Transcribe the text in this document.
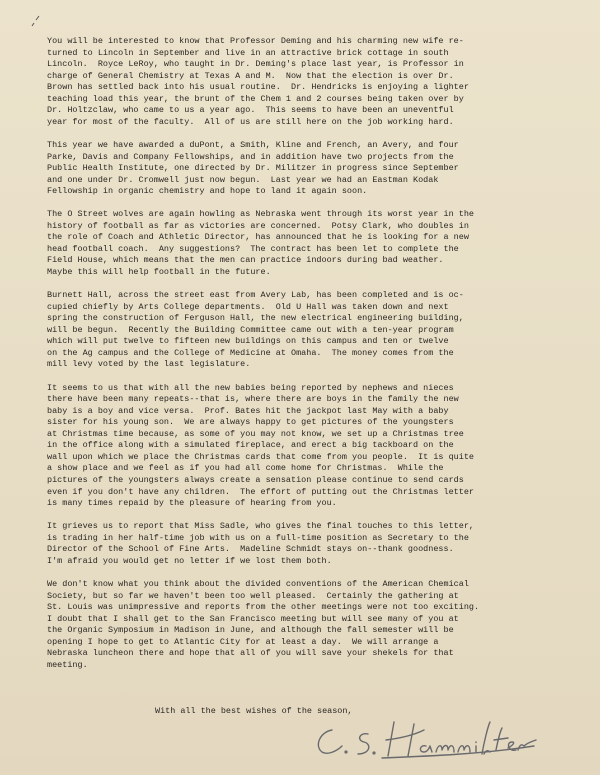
You will be interested to know that Professor Deming and his charming new wife re-
turned to Lincoln in September and live in an attractive brick cottage in south
Lincoln.  Royce LeRoy, who taught in Dr. Deming's place last year, is Professor in
charge of General Chemistry at Texas A and M.  Now that the election is over Dr.
Brown has settled back into his usual routine.  Dr. Hendricks is enjoying a lighter
teaching load this year, the brunt of the Chem 1 and 2 courses being taken over by
Dr. Holtzclaw, who came to us a year ago.  This seems to have been an uneventful
year for most of the faculty.  All of us are still here on the job working hard.

This year we have awarded a duPont, a Smith, Kline and French, an Avery, and four
Parke, Davis and Company Fellowships, and in addition have two projects from the
Public Health Institute, one directed by Dr. Militzer in progress since September
and one under Dr. Cromwell just now begun.  Last year we had an Eastman Kodak
Fellowship in organic chemistry and hope to land it again soon.

The O Street wolves are again howling as Nebraska went through its worst year in the
history of football as far as victories are concerned.  Potsy Clark, who doubles in
the role of Coach and Athletic Director, has announced that he is looking for a new
head football coach.  Any suggestions?  The contract has been let to complete the
Field House, which means that the men can practice indoors during bad weather.
Maybe this will help football in the future.

Burnett Hall, across the street east from Avery Lab, has been completed and is oc-
cupied chiefly by Arts College departments.  Old U Hall was taken down and next
spring the construction of Ferguson Hall, the new electrical engineering building,
will be begun.  Recently the Building Committee came out with a ten-year program
which will put twelve to fifteen new buildings on this campus and ten or twelve
on the Ag campus and the College of Medicine at Omaha.  The money comes from the
mill levy voted by the last legislature.

It seems to us that with all the new babies being reported by nephews and nieces
there have been many repeats--that is, where there are boys in the family the new
baby is a boy and vice versa.  Prof. Bates hit the jackpot last May with a baby
sister for his young son.  We are always happy to get pictures of the youngsters
at Christmas time because, as some of you may not know, we set up a Christmas tree
in the office along with a simulated fireplace, and erect a big tackboard on the
wall upon which we place the Christmas cards that come from you people.  It is quite
a show place and we feel as if you had all come home for Christmas.  While the
pictures of the youngsters always create a sensation please continue to send cards
even if you don't have any children.  The effort of putting out the Christmas letter
is many times repaid by the pleasure of hearing from you.

It grieves us to report that Miss Sadle, who gives the final touches to this letter,
is trading in her half-time job with us on a full-time position as Secretary to the
Director of the School of Fine Arts.  Madeline Schmidt stays on--thank goodness.
I'm afraid you would get no letter if we lost them both.

We don't know what you think about the divided conventions of the American Chemical
Society, but so far we haven't been too well pleased.  Certainly the gathering at
St. Louis was unimpressive and reports from the other meetings were not too exciting.
I doubt that I shall get to the San Francisco meeting but will see many of you at
the Organic Symposium in Madison in June, and although the fall semester will be
opening I hope to get to Atlantic City for at least a day.  We will arrange a
Nebraska luncheon there and hope that all of you will save your shekels for that
meeting.

With all the best wishes of the season,
